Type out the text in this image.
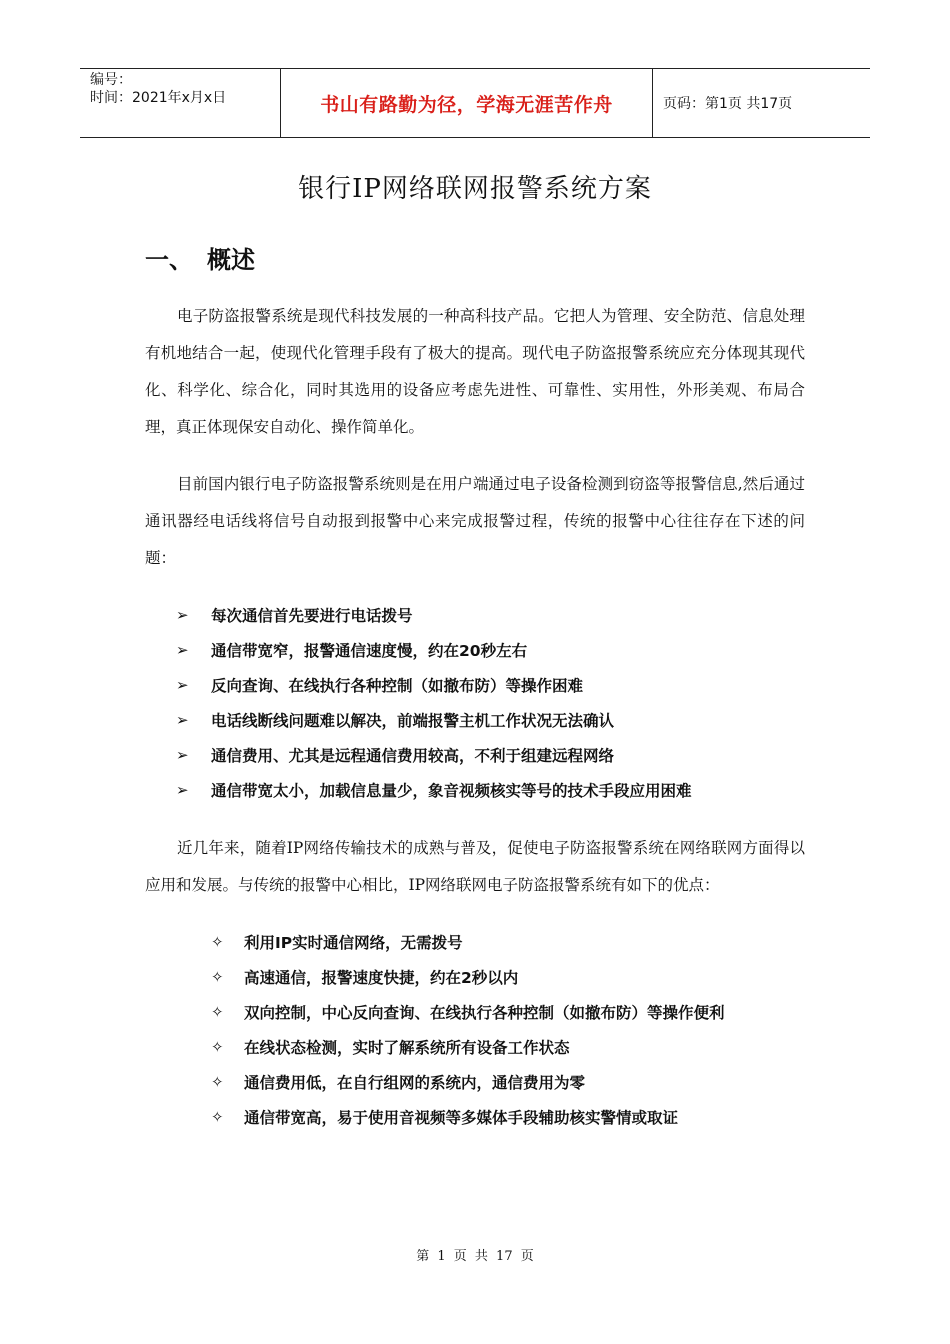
编号：
时间：2021年x月x日	书山有路勤为径，学海无涯苦作舟	页码：第1页 共17页
银行IP网络联网报警系统方案
一、 概述

电子防盗报警系统是现代科技发展的一种高科技产品。它把人为管理、安全防范、信息处理有机地结合一起，使现代化管理手段有了极大的提高。现代电子防盗报警系统应充分体现其现代化、科学化、综合化，同时其选用的设备应考虑先进性、可靠性、实用性，外形美观、布局合理，真正体现保安自动化、操作简单化。

目前国内银行电子防盗报警系统则是在用户端通过电子设备检测到窃盗等报警信息,然后通过通讯器经电话线将信号自动报到报警中心来完成报警过程，传统的报警中心往往存在下述的问题：

➢	每次通信首先要进行电话拨号
➢	通信带宽窄，报警通信速度慢，约在20秒左右
➢	反向查询、在线执行各种控制（如撤布防）等操作困难
➢	电话线断线问题难以解决，前端报警主机工作状况无法确认
➢	通信费用、尤其是远程通信费用较高，不利于组建远程网络
➢	通信带宽太小，加载信息量少，象音视频核实等号的技术手段应用困难

近几年来，随着IP网络传输技术的成熟与普及，促使电子防盗报警系统在网络联网方面得以应用和发展。与传统的报警中心相比，IP网络联网电子防盗报警系统有如下的优点：

✧	利用IP实时通信网络，无需拨号
✧	高速通信，报警速度快捷，约在2秒以内
✧	双向控制，中心反向查询、在线执行各种控制（如撤布防）等操作便利
✧	在线状态检测，实时了解系统所有设备工作状态
✧	通信费用低，在自行组网的系统内，通信费用为零
✧	通信带宽高，易于使用音视频等多媒体手段辅助核实警情或取证
第 1 页 共 17 页
